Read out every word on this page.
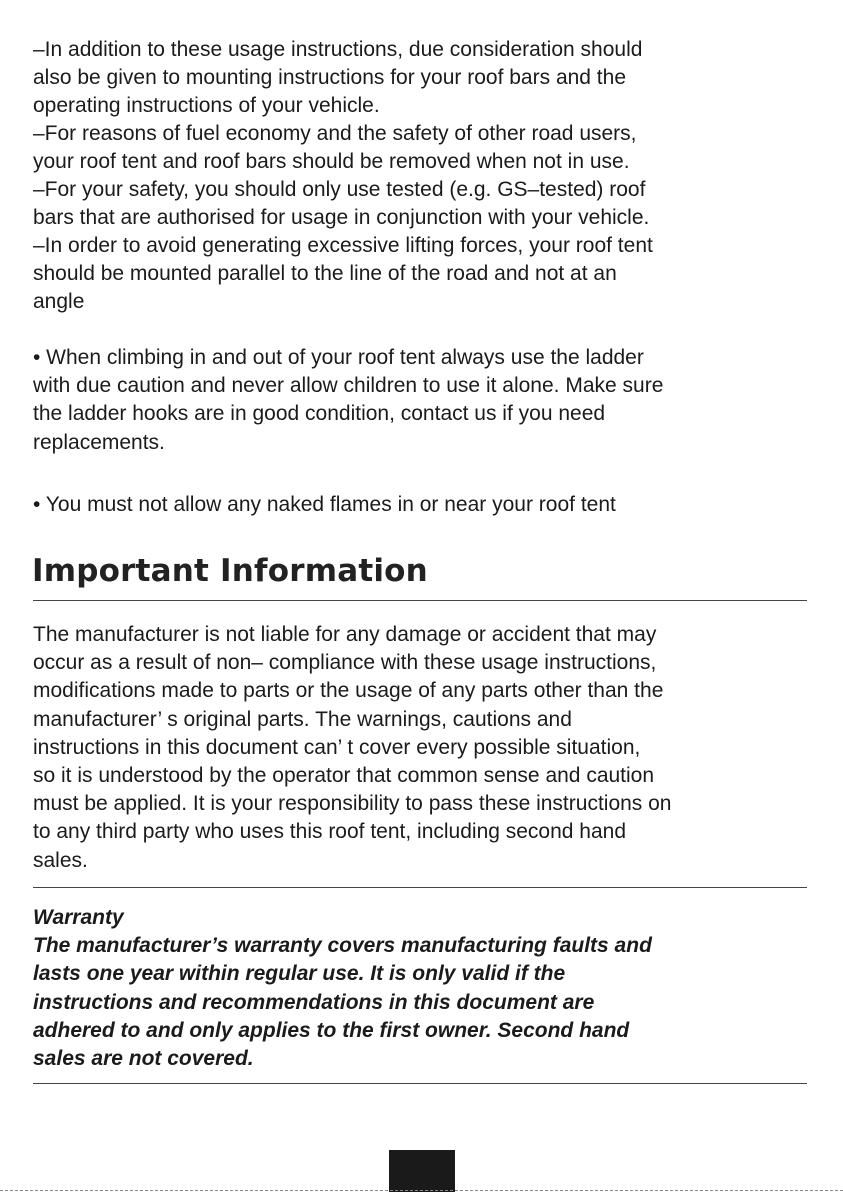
–In addition to these usage instructions, due consideration should
also be given to mounting instructions for your roof bars and the
operating instructions of your vehicle.
–For reasons of fuel economy and the safety of other road users,
your roof tent and roof bars should be removed when not in use.
–For your safety, you should only use tested (e.g. GS–tested) roof
bars that are authorised for usage in conjunction with your vehicle.
–In order to avoid generating excessive lifting forces, your roof tent
should be mounted parallel to the line of the road and not at an
angle
• When climbing in and out of your roof tent always use the ladder
with due caution and never allow children to use it alone. Make sure
the ladder hooks are in good condition, contact us if you need
replacements.
• You must not allow any naked flames in or near your roof tent
Important Information
The manufacturer is not liable for any damage or accident that may
occur as a result of non– compliance with these usage instructions,
modifications made to parts or the usage of any parts other than the
manufacturer’ s original parts. The warnings, cautions and
instructions in this document can’ t cover every possible situation,
so it is understood by the operator that common sense and caution
must be applied. It is your responsibility to pass these instructions on
to any third party who uses this roof tent, including second hand
sales.
Warranty
The manufacturer’s warranty covers manufacturing faults and
lasts one year within regular use. It is only valid if the
instructions and recommendations in this document are
adhered to and only applies to the first owner. Second hand
sales are not covered.
